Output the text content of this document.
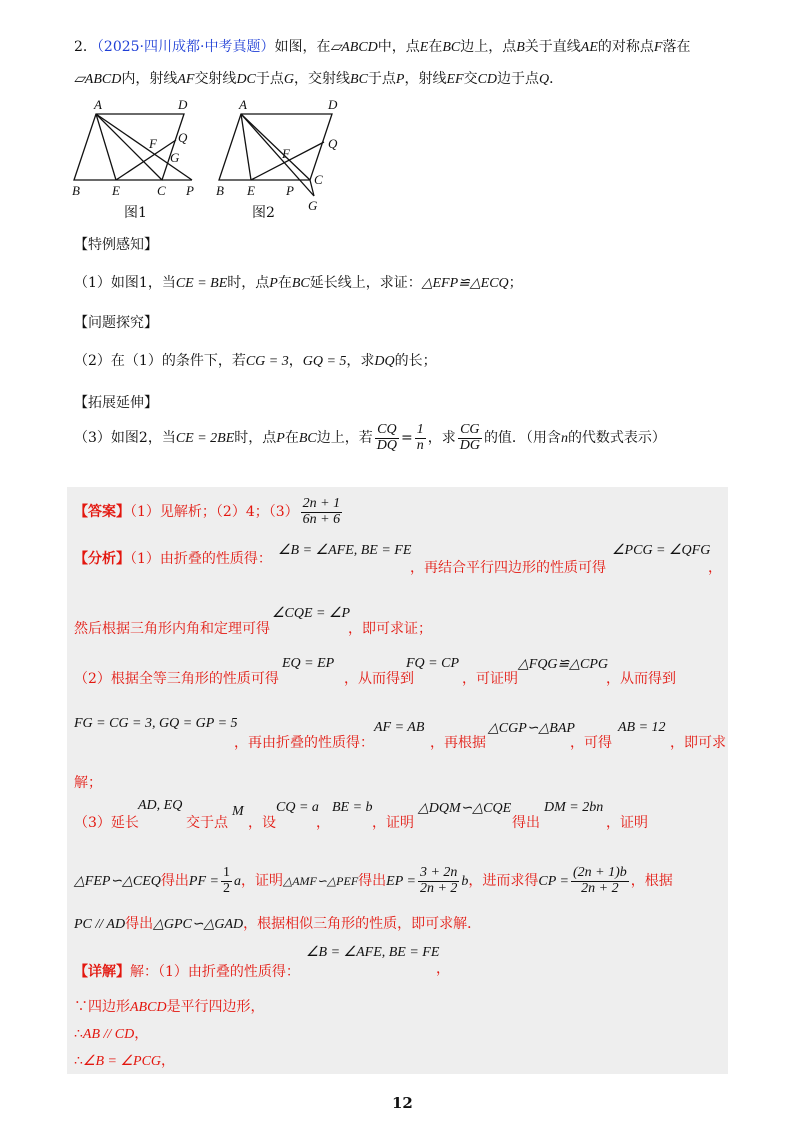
2．（2025·四川成都·中考真题）如图，在▱ABCD中，点E在BC边上，点B关于直线AE的对称点F落在
▱ABCD内，射线AF交射线DC于点G，交射线BC于点P，射线EF交CD边于点Q．
A	D
F Q
G
B E	C P
A	D
F
Q
B E P
C
G
图1	图2
【特例感知】
（1）如图1，当CE = BE时，点P在BC延长线上，求证：△EFP≌△ECQ；
【问题探究】
（2）在（1）的条件下，若CG = 3，GQ = 5，求DQ的长；
【拓展延伸】
（3）如图2，当CE = 2BE时，点P在BC边上，若 $\frac{CQ}{DQ} = \frac{1}{n}$ ，求 $\frac{CG}{DG}$ 的值．（用含n的代数式表示）
【答案】（1）见解析；（2）4；$(3) \frac{2n + 1}{6n + 6}$
【分析】（1）由折叠的性质得：
∠B = ∠AFE, BE = FE
，再结合平行四边形的性质可得
∠PCG = ∠QFG
，
然后根据三角形内角和定理可得
∠CQE = ∠P
，即可求证；
（2）根据全等三角形的性质可得
EQ = EP
，从而得到
FQ = CP
，可证明
△FQG≌△CPG
，从而得到
FG = CG = 3, GQ = GP = 5
，再由折叠的性质得：
AF = AB
，再根据
△CGP∽△BAP
，可得
AB = 12
，即可求
解；
（3）延长
AD, EQ
交于点
M
，设
CQ = a
，
BE = b
，证明
△DQM∽△CQE
得出
DM = 2bn
，证明
△FEP∽△CEQ得出PF = $\frac{1}{2}$ a，证明△AMF∽△PEF得出EP = $\frac{3 + 2n}{2n + 2}$ b，进而求得CP = $\frac{(2n + 1)b}{2n + 2}$ ，根据
PC // AD得出△GPC∽△GAD，根据相似三角形的性质，即可求解．
【详解】解：（1）由折叠的性质得：
∠B = ∠AFE, BE = FE
，
∵四边形ABCD是平行四边形，
∴AB // CD，
∴∠B = ∠PCG，
12
